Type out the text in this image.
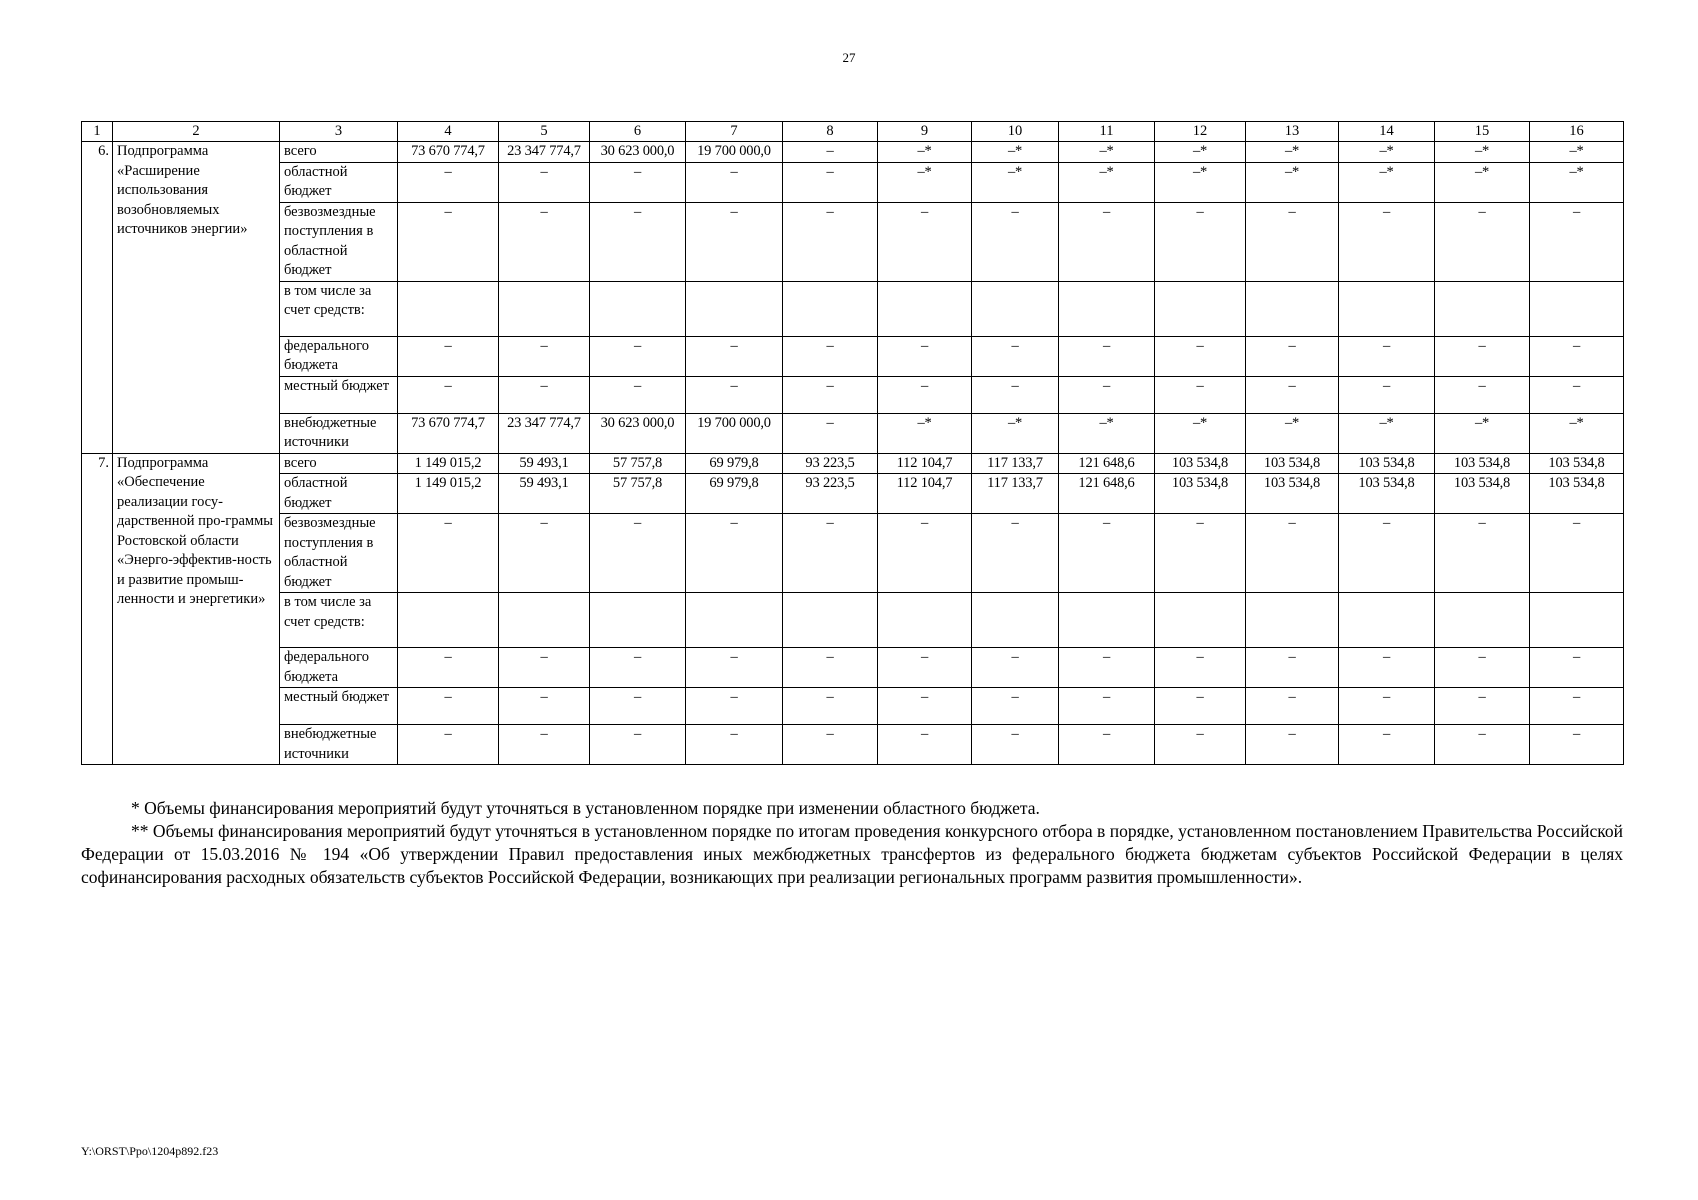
27
1	2	3	4	5	6	7	8	9	10	11	12	13	14	15	16
6.	Подпрограмма «Расширение использования возобновляемых источников энергии»	всего	73 670 774,7	23 347 774,7	30 623 000,0	19 700 000,0	–	–*	–*	–*	–*	–*	–*	–*	–*
		областной бюджет	–	–	–	–	–	–*	–*	–*	–*	–*	–*	–*	–*
		безвозмездные поступления в областной бюджет	–	–	–	–	–	–	–	–	–	–	–	–	–
		в том числе за счет средств:													
		федерального бюджета	–	–	–	–	–	–	–	–	–	–	–	–	–
		местный бюджет	–	–	–	–	–	–	–	–	–	–	–	–	–
		внебюджетные источники	73 670 774,7	23 347 774,7	30 623 000,0	19 700 000,0	–	–*	–*	–*	–*	–*	–*	–*	–*
7.	Подпрограмма «Обеспечение реализации госу-дарственной про-граммы Ростовской области «Энерго-эффектив-ность и развитие промыш-ленности и энергетики»	всего	1 149 015,2	59 493,1	57 757,8	69 979,8	93 223,5	112 104,7	117 133,7	121 648,6	103 534,8	103 534,8	103 534,8	103 534,8	103 534,8
		областной бюджет	1 149 015,2	59 493,1	57 757,8	69 979,8	93 223,5	112 104,7	117 133,7	121 648,6	103 534,8	103 534,8	103 534,8	103 534,8	103 534,8
		безвозмездные поступления в областной бюджет	–	–	–	–	–	–	–	–	–	–	–	–	–
		в том числе за счет средств:													
		федерального бюджета	–	–	–	–	–	–	–	–	–	–	–	–	–
		местный бюджет	–	–	–	–	–	–	–	–	–	–	–	–	–
		внебюджетные источники	–	–	–	–	–	–	–	–	–	–	–	–	–

* Объемы финансирования мероприятий будут уточняться в установленном порядке при изменении областного бюджета.

** Объемы финансирования мероприятий будут уточняться в установленном порядке по итогам проведения конкурсного отбора в порядке, установленном постановлением Правительства Российской Федерации от 15.03.2016 № 194 «Об утверждении Правил предоставления иных межбюджетных трансфертов из федерального бюджета бюджетам субъектов Российской Федерации в целях софинансирования расходных обязательств субъектов Российской Федерации, возникающих при реализации региональных программ развития промышленности».

Y:\ORST\Ppo\1204p892.f23
